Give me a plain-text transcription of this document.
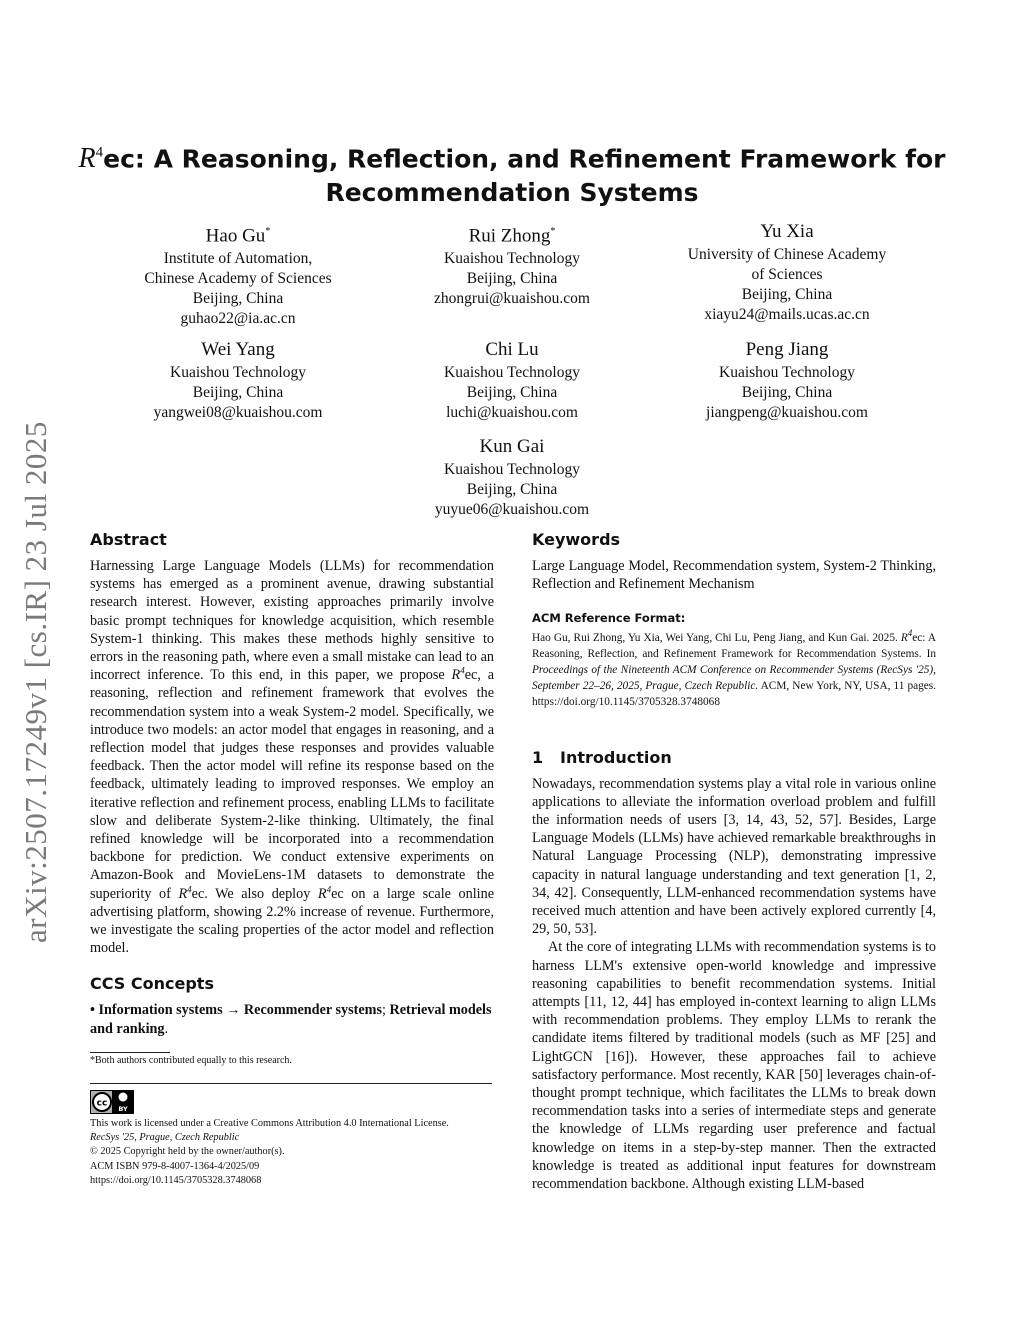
arXiv:2507.17249v1 [cs.IR] 23 Jul 2025
$R^4ec$: A Reasoning, Reflection, and Refinement Framework for
Recommendation Systems
Hao Gu*
Institute of Automation,
Chinese Academy of Sciences
Beijing, China
guhao22@ia.ac.cn
Rui Zhong*
Kuaishou Technology
Beijing, China
zhongrui@kuaishou.com
Yu Xia
University of Chinese Academy
of Sciences
Beijing, China
xiayu24@mails.ucas.ac.cn
Wei Yang
Kuaishou Technology
Beijing, China
yangwei08@kuaishou.com
Chi Lu
Kuaishou Technology
Beijing, China
luchi@kuaishou.com
Peng Jiang
Kuaishou Technology
Beijing, China
jiangpeng@kuaishou.com
Kun Gai
Kuaishou Technology
Beijing, China
yuyue06@kuaishou.com
Abstract

Harnessing Large Language Models (LLMs) for recommendation systems has emerged as a prominent avenue, drawing substantial research interest. However, existing approaches primarily involve basic prompt techniques for knowledge acquisition, which resemble System-1 thinking. This makes these methods highly sensitive to errors in the reasoning path, where even a small mistake can lead to an incorrect inference. To this end, in this paper, we propose $R^4ec$, a reasoning, reflection and refinement framework that evolves the recommendation system into a weak System-2 model. Specifically, we introduce two models: an actor model that engages in reasoning, and a reflection model that judges these responses and provides valuable feedback. Then the actor model will refine its response based on the feedback, ultimately leading to improved responses. We employ an iterative reflection and refinement process, enabling LLMs to facilitate slow and deliberate System-2-like thinking. Ultimately, the final refined knowledge will be incorporated into a recommendation backbone for prediction. We conduct extensive experiments on Amazon-Book and MovieLens-1M datasets to demonstrate the superiority of $R^4ec$. We also deploy $R^4ec$ on a large scale online advertising platform, showing 2.2% increase of revenue. Furthermore, we investigate the scaling properties of the actor model and reflection model.

CCS Concepts

• Information systems → Recommender systems; Retrieval models and ranking.

*Both authors contributed equally to this research.
cc
BY

This work is licensed under a Creative Commons Attribution 4.0 International License.

RecSys '25, Prague, Czech Republic

© 2025 Copyright held by the owner/author(s).

ACM ISBN 979-8-4007-1364-4/2025/09

https://doi.org/10.1145/3705328.3748068

Keywords

Large Language Model, Recommendation system, System-2 Thinking, Reflection and Refinement Mechanism

ACM Reference Format:

Hao Gu, Rui Zhong, Yu Xia, Wei Yang, Chi Lu, Peng Jiang, and Kun Gai. 2025. $R^4ec$: A Reasoning, Reflection, and Refinement Framework for Recommendation Systems. In Proceedings of the Nineteenth ACM Conference on Recommender Systems (RecSys '25), September 22–26, 2025, Prague, Czech Republic. ACM, New York, NY, USA, 11 pages. https://doi.org/10.1145/3705328.3748068

1 Introduction

Nowadays, recommendation systems play a vital role in various online applications to alleviate the information overload problem and fulfill the information needs of users [3, 14, 43, 52, 57]. Besides, Large Language Models (LLMs) have achieved remarkable breakthroughs in Natural Language Processing (NLP), demonstrating impressive capacity in natural language understanding and text generation [1, 2, 34, 42]. Consequently, LLM-enhanced recommendation systems have received much attention and have been actively explored currently [4, 29, 50, 53].

At the core of integrating LLMs with recommendation systems is to harness LLM's extensive open-world knowledge and impressive reasoning capabilities to benefit recommendation systems. Initial attempts [11, 12, 44] has employed in-context learning to align LLMs with recommendation problems. They employ LLMs to rerank the candidate items filtered by traditional models (such as MF [25] and LightGCN [16]). However, these approaches fail to achieve satisfactory performance. Most recently, KAR [50] leverages chain-of-thought prompt technique, which facilitates the LLMs to break down recommendation tasks into a series of intermediate steps and generate the knowledge of LLMs regarding user preference and factual knowledge on items in a step-by-step manner. Then the extracted knowledge is treated as additional input features for downstream recommendation backbone. Although existing LLM-based
